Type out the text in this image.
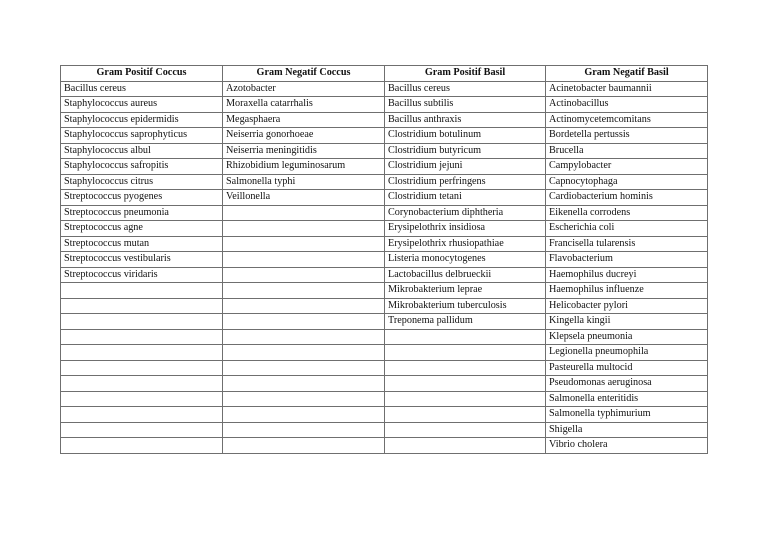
Gram Positif Coccus	Gram Negatif Coccus	Gram Positif Basil	Gram Negatif Basil
Bacillus cereus	Azotobacter	Bacillus cereus	Acinetobacter baumannii
Staphylococcus aureus	Moraxella catarrhalis	Bacillus subtilis	Actinobacillus
Staphylococcus epidermidis	Megasphaera	Bacillus anthraxis	Actinomycetemcomitans
Staphylococcus saprophyticus	Neiserria gonorhoeae	Clostridium botulinum	Bordetella pertussis
Staphylococcus albul	Neiserria meningitidis	Clostridium butyricum	Brucella
Staphylococcus safropitis	Rhizobidium leguminosarum	Clostridium jejuni	Campylobacter
Staphylococcus citrus	Salmonella typhi	Clostridium perfringens	Capnocytophaga
Streptococcus pyogenes	Veillonella	Clostridium tetani	Cardiobacterium hominis
Streptococcus pneumonia		Corynobacterium diphtheria	Eikenella corrodens
Streptococcus agne		Erysipelothrix insidiosa	Escherichia coli
Streptococcus mutan		Erysipelothrix rhusiopathiae	Francisella tularensis
Streptococcus vestibularis		Listeria monocytogenes	Flavobacterium
Streptococcus viridaris		Lactobacillus delbrueckii	Haemophilus ducreyi
		Mikrobakterium leprae	Haemophilus influenze
		Mikrobakterium tuberculosis	Helicobacter pylori
		Treponema pallidum	Kingella kingii
			Klepsela pneumonia
			Legionella pneumophila
			Pasteurella multocid
			Pseudomonas aeruginosa
			Salmonella enteritidis
			Salmonella typhimurium
			Shigella
			Vibrio cholera
